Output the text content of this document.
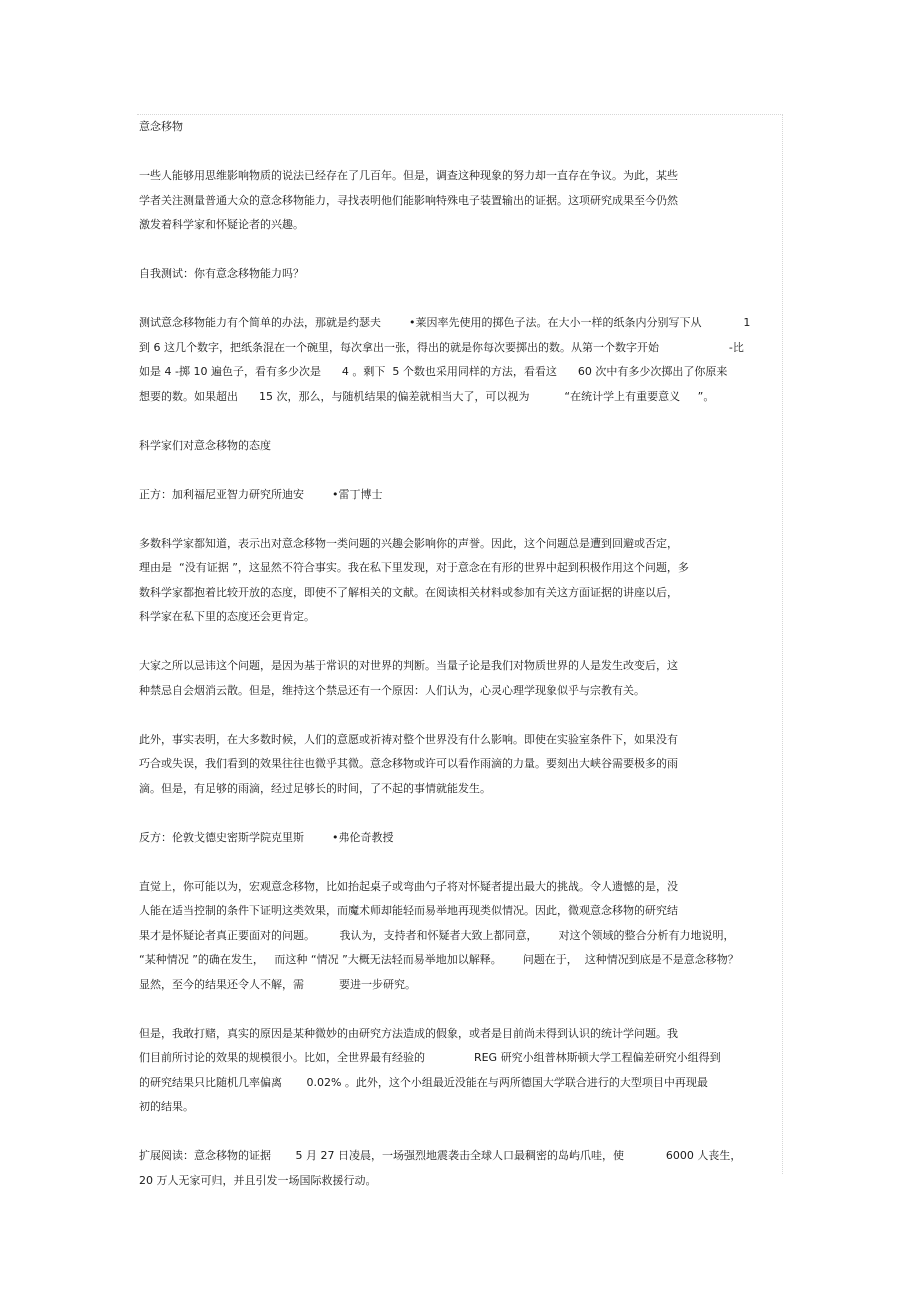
意念移物
一些人能够用思维影响物质的说法已经存在了几百年。但是，调查这种现象的努力却一直存在争议。为此，某些
学者关注测量普通大众的意念移物能力，寻找表明他们能影响特殊电子装置输出的证据。这项研究成果至今仍然
激发着科学家和怀疑论者的兴趣。
自我测试：你有意念移物能力吗？
测试意念移物能力有个简单的办法，那就是约瑟夫        •莱因率先使用的掷色子法。在大小一样的纸条内分别写下从            1
到 6 这几个数字，把纸条混在一个碗里，每次拿出一张，得出的就是你每次要掷出的数。从第一个数字开始                    -比
如是 4 -掷 10 遍色子，看有多少次是      4 。剩下  5 个数也采用同样的方法，看看这      60 次中有多少次掷出了你原来
想要的数。如果超出      15 次，那么，与随机结果的偏差就相当大了，可以视为          “在统计学上有重要意义     ”。
科学家们对意念移物的态度
正方：加利福尼亚智力研究所迪安        •雷丁博士
多数科学家都知道，表示出对意念移物一类问题的兴趣会影响你的声誉。因此，这个问题总是遭到回避或否定，
理由是  “没有证据 ”，这显然不符合事实。我在私下里发现，对于意念在有形的世界中起到积极作用这个问题，多
数科学家都抱着比较开放的态度，即使不了解相关的文献。在阅读相关材料或参加有关这方面证据的讲座以后，
科学家在私下里的态度还会更肯定。
大家之所以忌讳这个问题，是因为基于常识的对世界的判断。当量子论是我们对物质世界的人是发生改变后，这
种禁忌自会烟消云散。但是，维持这个禁忌还有一个原因：人们认为，心灵心理学现象似乎与宗教有关。
此外，事实表明，在大多数时候，人们的意愿或祈祷对整个世界没有什么影响。即使在实验室条件下，如果没有
巧合或失误，我们看到的效果往往也微乎其微。意念移物或许可以看作雨滴的力量。要刻出大峡谷需要极多的雨
滴。但是，有足够的雨滴，经过足够长的时间，了不起的事情就能发生。
反方：伦敦戈德史密斯学院克里斯        •弗伦奇教授
直觉上，你可能以为，宏观意念移物，比如抬起桌子或弯曲勺子将对怀疑者提出最大的挑战。令人遗憾的是，没
人能在适当控制的条件下证明这类效果，而魔术师却能轻而易举地再现类似情况。因此，微观意念移物的研究结
果才是怀疑论者真正要面对的问题。       我认为，支持者和怀疑者大致上都同意，      对这个领域的整合分析有力地说明，
“某种情况 ”的确在发生，   而这种 “情况 ”大概无法轻而易举地加以解释。      问题在于，  这种情况到底是不是意念移物？
显然，至今的结果还令人不解，需          要进一步研究。
但是，我敢打赌，真实的原因是某种微妙的由研究方法造成的假象，或者是目前尚未得到认识的统计学问题。我
们目前所讨论的效果的规模很小。比如，全世界最有经验的              REG 研究小组普林斯顿大学工程偏差研究小组得到
的研究结果只比随机几率偏离       0.02% 。此外，这个小组最近没能在与两所德国大学联合进行的大型项目中再现最
初的结果。
扩展阅读：意念移物的证据       5 月 27 日凌晨，一场强烈地震袭击全球人口最稠密的岛屿爪哇，使            6000 人丧生，
20 万人无家可归，并且引发一场国际救援行动。
